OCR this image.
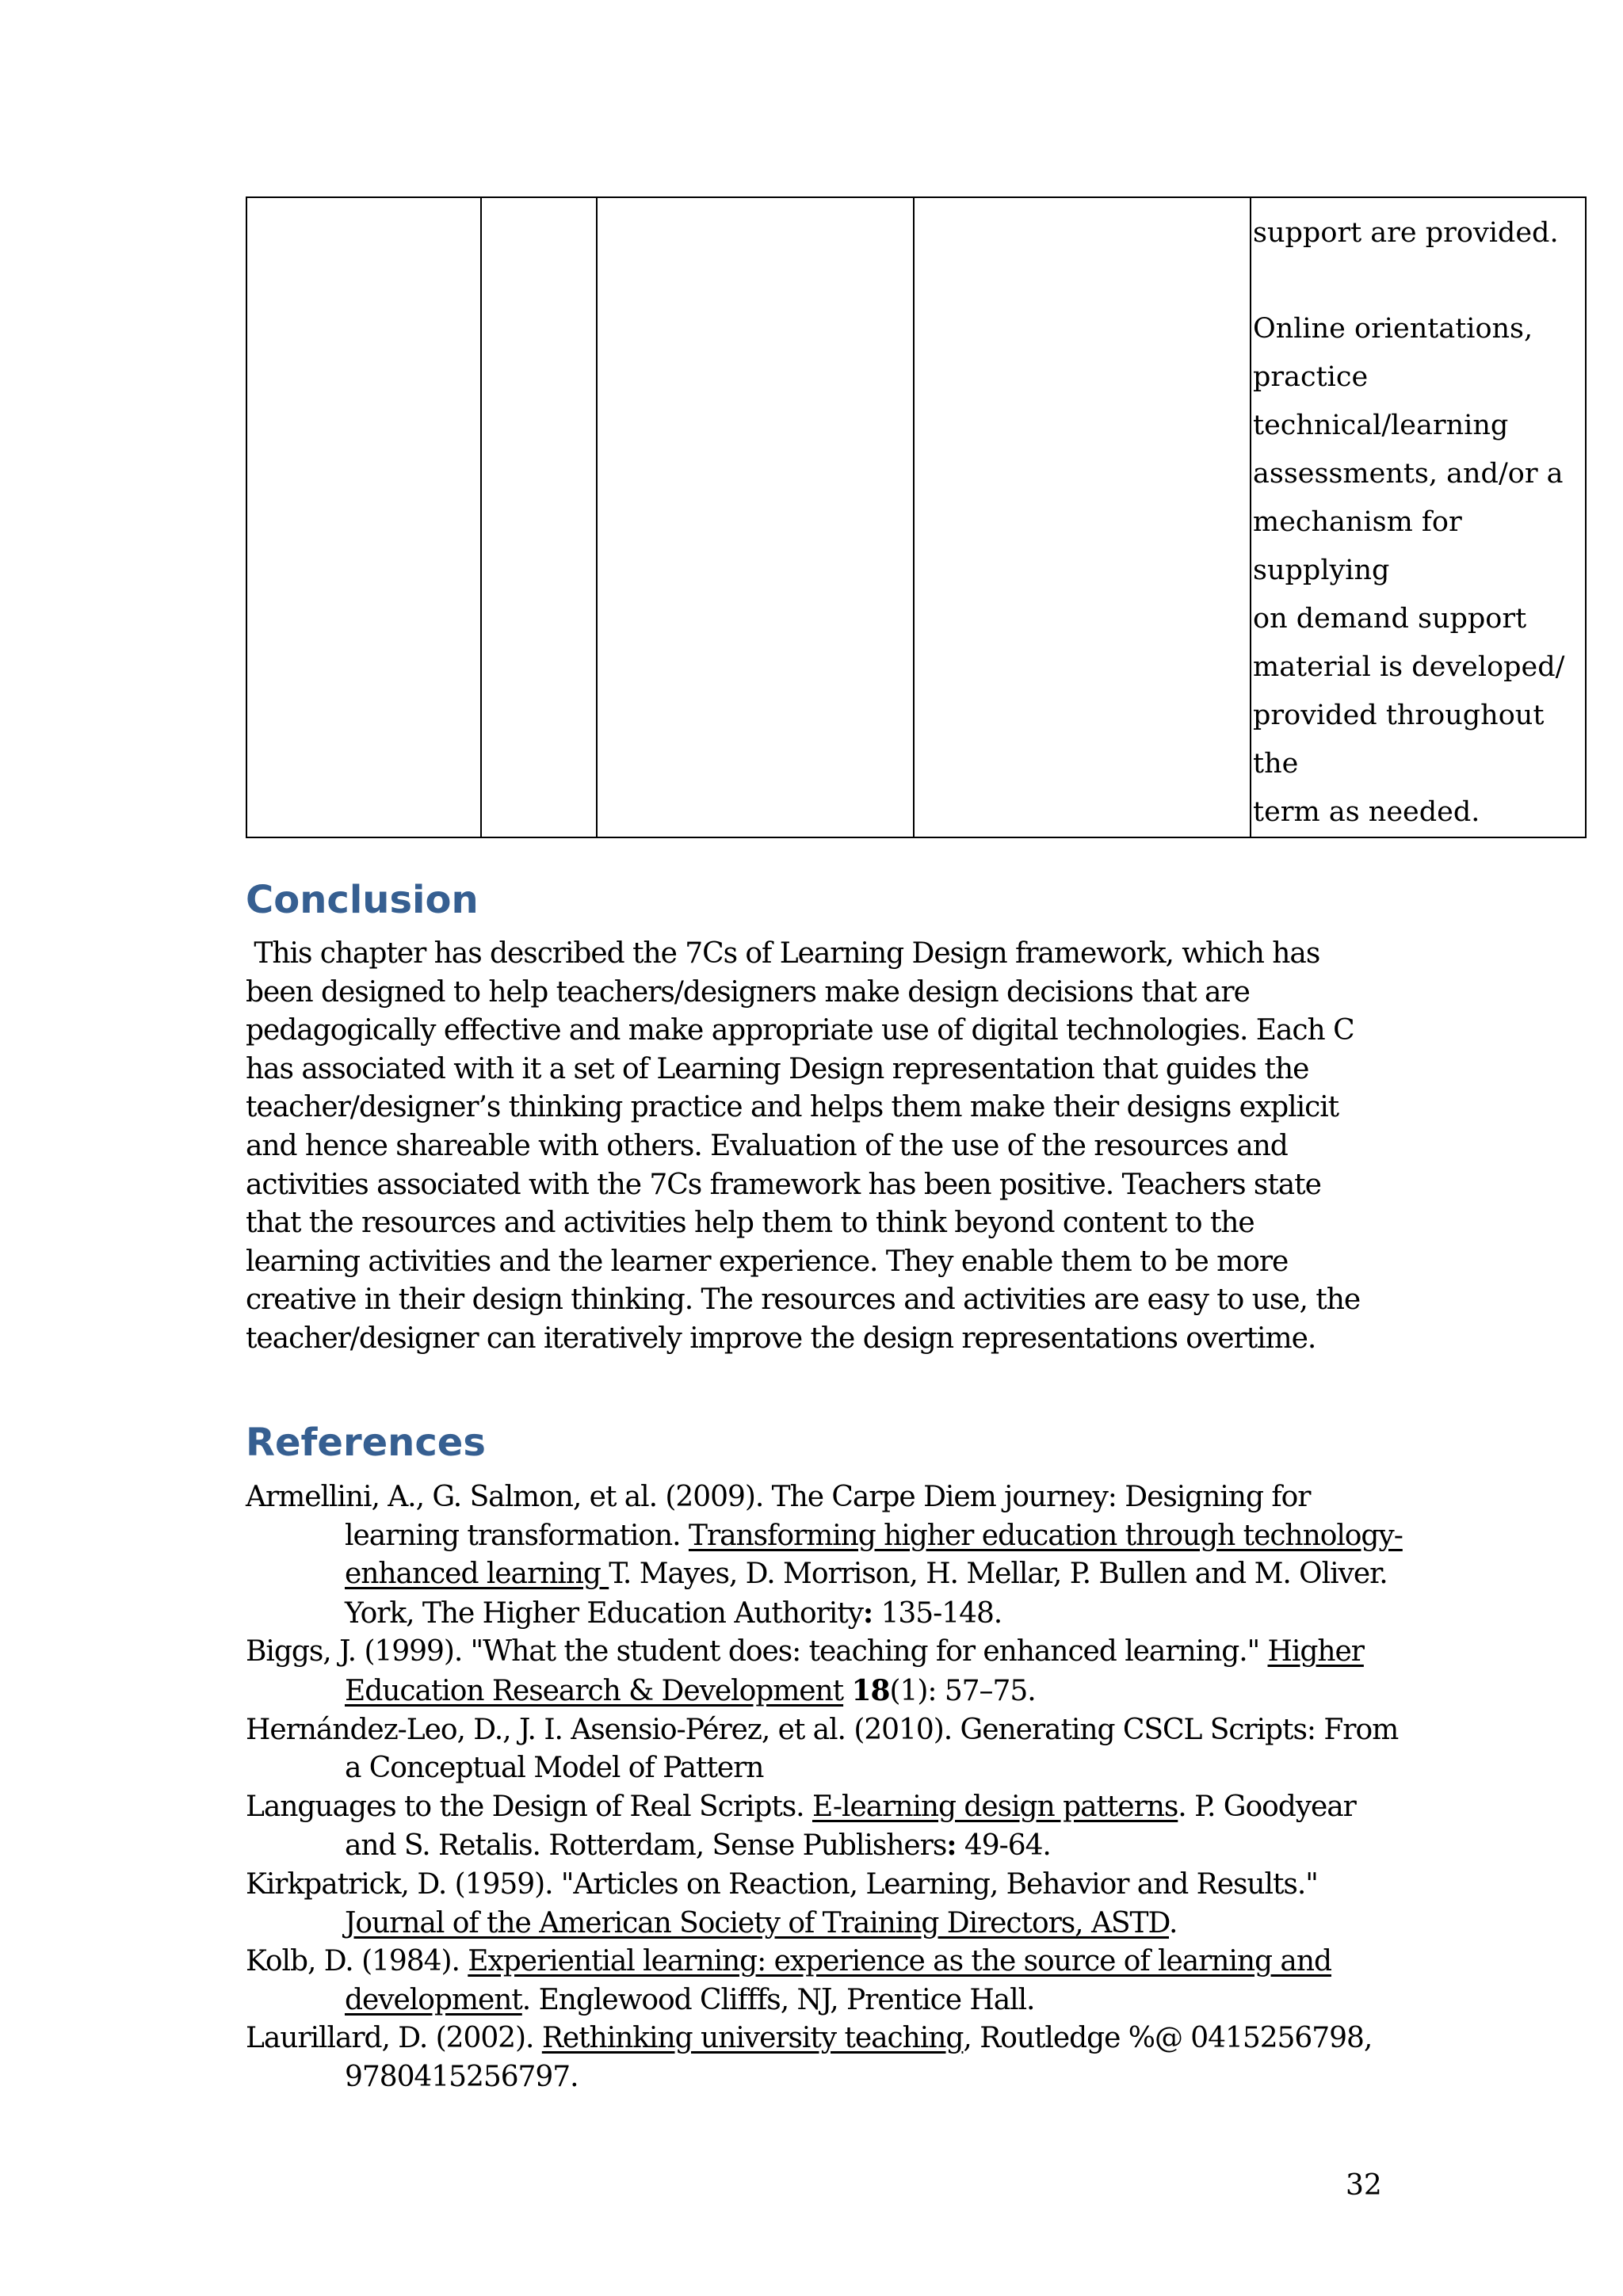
support are provided.

Online orientations,
practice
technical/learning
assessments, and/or a
mechanism for supplying
on demand support
material is developed/
provided throughout the
term as needed.

Conclusion

This chapter has described the 7Cs of Learning Design framework, which has
been designed to help teachers/designers make design decisions that are
pedagogically effective and make appropriate use of digital technologies. Each C
has associated with it a set of Learning Design representation that guides the
teacher/designer’s thinking practice and helps them make their designs explicit
and hence shareable with others. Evaluation of the use of the resources and
activities associated with the 7Cs framework has been positive. Teachers state
that the resources and activities help them to think beyond content to the
learning activities and the learner experience. They enable them to be more
creative in their design thinking. The resources and activities are easy to use, the
teacher/designer can iteratively improve the design representations overtime.

References

Armellini, A., G. Salmon, et al. (2009). The Carpe Diem journey: Designing for learning transformation. Transforming higher education through technology-enhanced learning T. Mayes, D. Morrison, H. Mellar, P. Bullen and M. Oliver. York, The Higher Education Authority: 135-148.

Biggs, J. (1999). "What the student does: teaching for enhanced learning." Higher Education Research & Development 18(1): 57–75.

Hernández-Leo, D., J. I. Asensio-Pérez, et al. (2010). Generating CSCL Scripts: From a Conceptual Model of Pattern

Languages to the Design of Real Scripts. E-learning design patterns. P. Goodyear and S. Retalis. Rotterdam, Sense Publishers: 49-64.

Kirkpatrick, D. (1959). "Articles on Reaction, Learning, Behavior and Results." Journal of the American Society of Training Directors, ASTD.

Kolb, D. (1984). Experiential learning: experience as the source of learning and development. Englewood Clifffs, NJ, Prentice Hall.

Laurillard, D. (2002). Rethinking university teaching, Routledge %@ 0415256798, 9780415256797.

32
